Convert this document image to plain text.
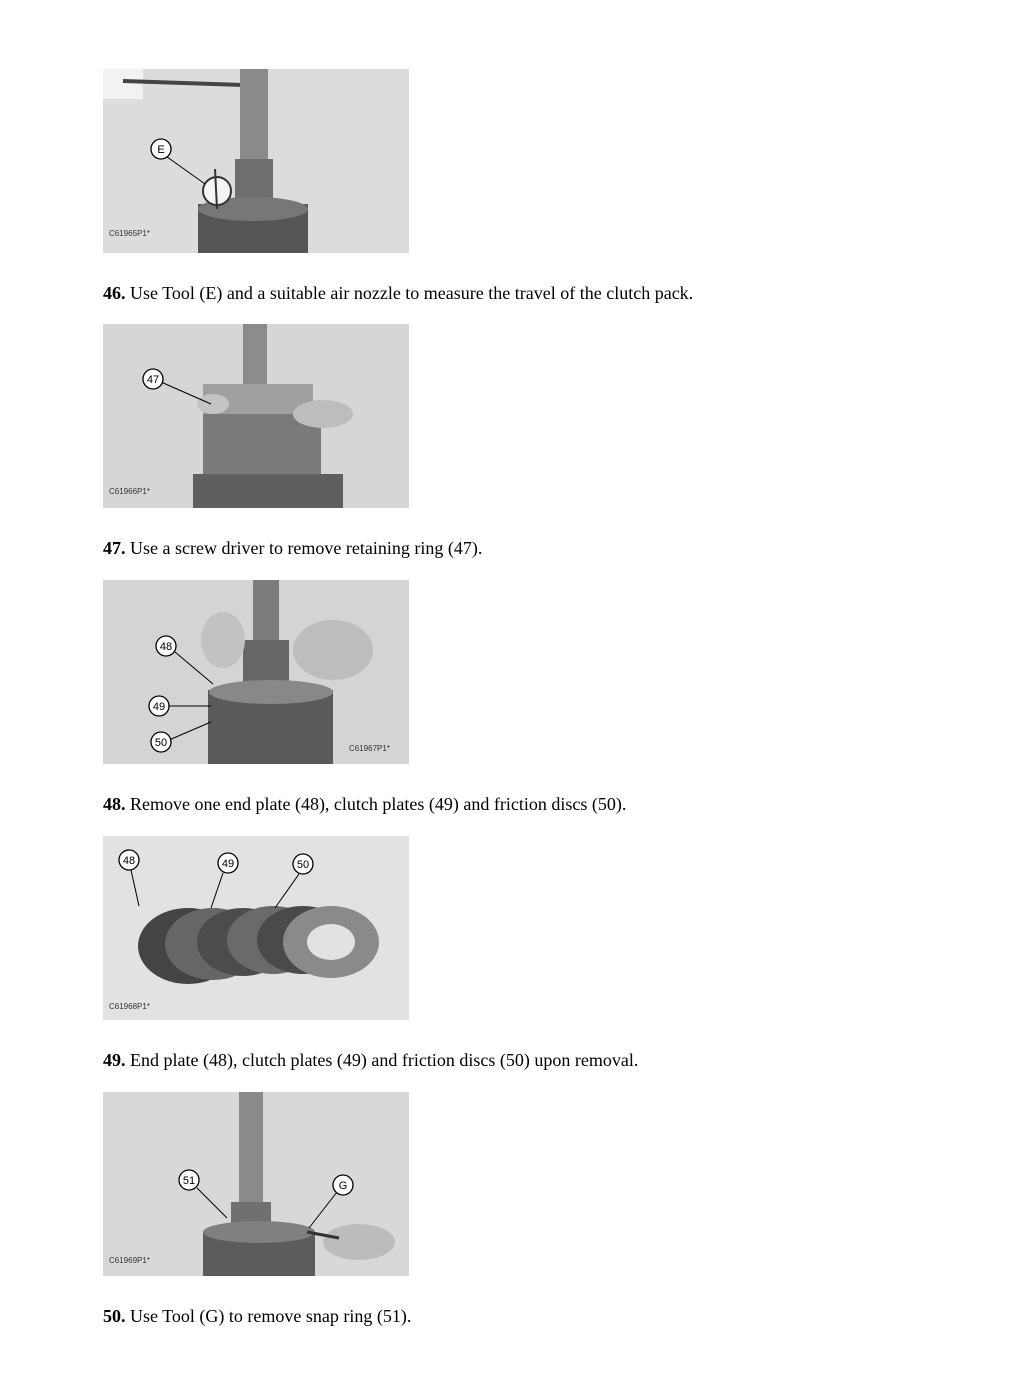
E
C61965P1*
46. Use Tool (E) and a suitable air nozzle to measure the travel of the clutch pack.
47
C61966P1*
47. Use a screw driver to remove retaining ring (47).
48
49
50	C61967P1*
48. Remove one end plate (48), clutch plates (49) and friction discs (50).
48	49	50
C61968P1*
49. End plate (48), clutch plates (49) and friction discs (50) upon removal.
51	G
C61969P1*
50. Use Tool (G) to remove snap ring (51).
